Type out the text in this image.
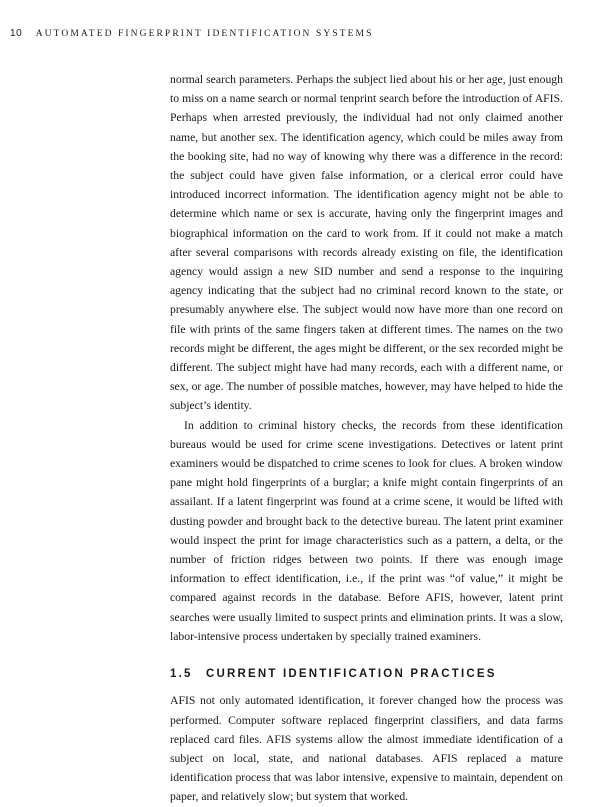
10 AUTOMATED FINGERPRINT IDENTIFICATION SYSTEMS

normal search parameters. Perhaps the subject lied about his or her age, just enough to miss on a name search or normal tenprint search before the introduction of AFIS. Perhaps when arrested previously, the individual had not only claimed another name, but another sex. The identification agency, which could be miles away from the booking site, had no way of knowing why there was a difference in the record: the subject could have given false information, or a clerical error could have introduced incorrect information. The identification agency might not be able to determine which name or sex is accurate, having only the fingerprint images and biographical information on the card to work from. If it could not make a match after several comparisons with records already existing on file, the identification agency would assign a new SID number and send a response to the inquiring agency indicating that the subject had no criminal record known to the state, or presumably anywhere else. The subject would now have more than one record on file with prints of the same fingers taken at different times. The names on the two records might be different, the ages might be different, or the sex recorded might be different. The subject might have had many records, each with a different name, or sex, or age. The number of possible matches, however, may have helped to hide the subject’s identity.

In addition to criminal history checks, the records from these identification bureaus would be used for crime scene investigations. Detectives or latent print examiners would be dispatched to crime scenes to look for clues. A broken window pane might hold fingerprints of a burglar; a knife might contain fingerprints of an assailant. If a latent fingerprint was found at a crime scene, it would be lifted with dusting powder and brought back to the detective bureau. The latent print examiner would inspect the print for image characteristics such as a pattern, a delta, or the number of friction ridges between two points. If there was enough image information to effect identification, i.e., if the print was “of value,” it might be compared against records in the database. Before AFIS, however, latent print searches were usually limited to suspect prints and elimination prints. It was a slow, labor-intensive process undertaken by specially trained examiners.

1.5 CURRENT IDENTIFICATION PRACTICES

AFIS not only automated identification, it forever changed how the process was performed. Computer software replaced fingerprint classifiers, and data farms replaced card files. AFIS systems allow the almost immediate identification of a subject on local, state, and national databases. AFIS replaced a mature identification process that was labor intensive, expensive to maintain, dependent on paper, and relatively slow; but system that worked.
